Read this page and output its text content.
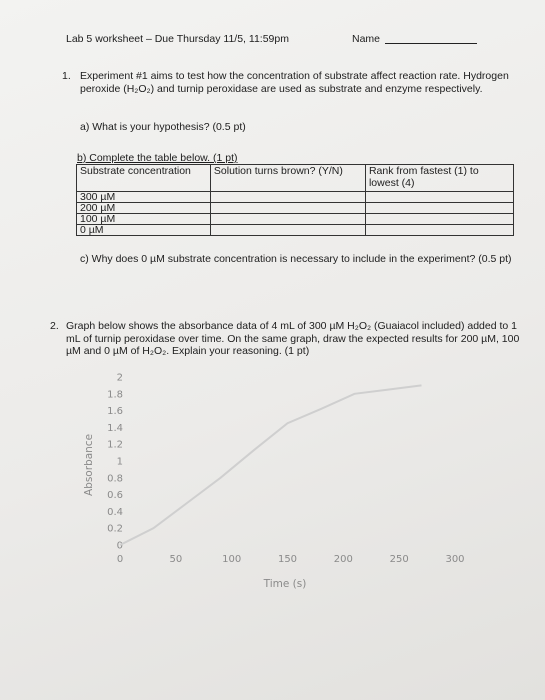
Lab 5 worksheet – Due Thursday 11/5, 11:59pm	Name
1. Experiment #1 aims to test how the concentration of substrate affect reaction rate. Hydrogen peroxide (H₂O₂) and turnip peroxidase are used as substrate and enzyme respectively.
a) What is your hypothesis? (0.5 pt)
b) Complete the table below. (1 pt)
Substrate concentration	Solution turns brown? (Y/N)	Rank from fastest (1) to lowest (4)
300 µM		
200 µM		
100 µM		
0 µM		
c) Why does 0 µM substrate concentration is necessary to include in the experiment? (0.5 pt)
2. Graph below shows the absorbance data of 4 mL of 300 µM H₂O₂ (Guaiacol included) added to 1 mL of turnip peroxidase over time. On the same graph, draw the expected results for 200 µM, 100 µM and 0 µM of H₂O₂. Explain your reasoning. (1 pt)
0
0.2
0.4
0.6
0.8
1
1.2
1.4
1.6
1.8
2
0	50	100	150	200	250	300
Time (s)
Absorbance
